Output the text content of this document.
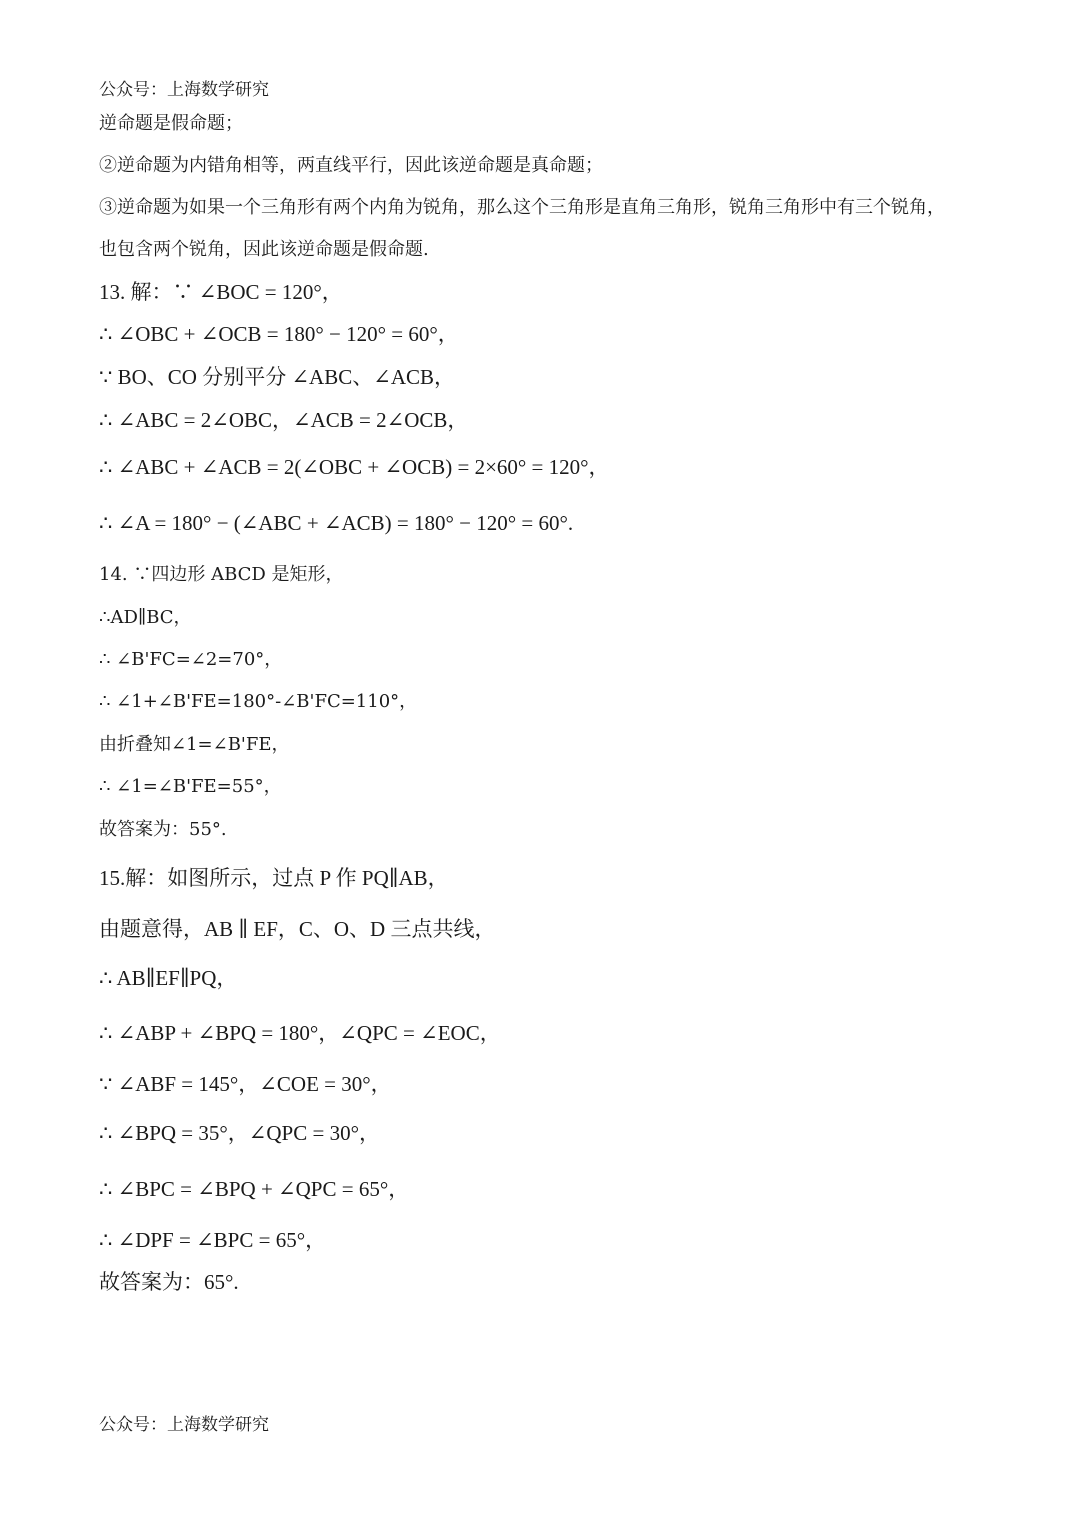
公众号：上海数学研究
逆命题是假命题；
②逆命题为内错角相等，两直线平行，因此该逆命题是真命题；
③逆命题为如果一个三角形有两个内角为锐角，那么这个三角形是直角三角形，锐角三角形中有三个锐角，
也包含两个锐角，因此该逆命题是假命题.
13. 解：∵ ∠BOC = 120°，
∴ ∠OBC + ∠OCB = 180° − 120° = 60°，
∵ BO、CO 分别平分 ∠ABC、∠ACB，
∴ ∠ABC = 2∠OBC，∠ACB = 2∠OCB，
∴ ∠ABC + ∠ACB = 2(∠OBC + ∠OCB) = 2×60° = 120°，
∴ ∠A = 180° − (∠ABC + ∠ACB) = 180° − 120° = 60°.
14. ∵四边形 ABCD 是矩形，
∴AD∥BC，
∴ ∠B'FC=∠2=70°，
∴ ∠1+∠B'FE=180°-∠B'FC=110°，
由折叠知∠1=∠B'FE，
∴ ∠1=∠B'FE=55°，
故答案为：55°.
15.解：如图所示，过点 P 作 PQ∥AB，
由题意得，AB ∥ EF，C、O、D 三点共线，
∴ AB∥EF∥PQ，
∴ ∠ABP + ∠BPQ = 180°，∠QPC = ∠EOC，
∵ ∠ABF = 145°，∠COE = 30°，
∴ ∠BPQ = 35°，∠QPC = 30°，
∴ ∠BPC = ∠BPQ + ∠QPC = 65°，
∴ ∠DPF = ∠BPC = 65°，
故答案为：65°.
公众号：上海数学研究
